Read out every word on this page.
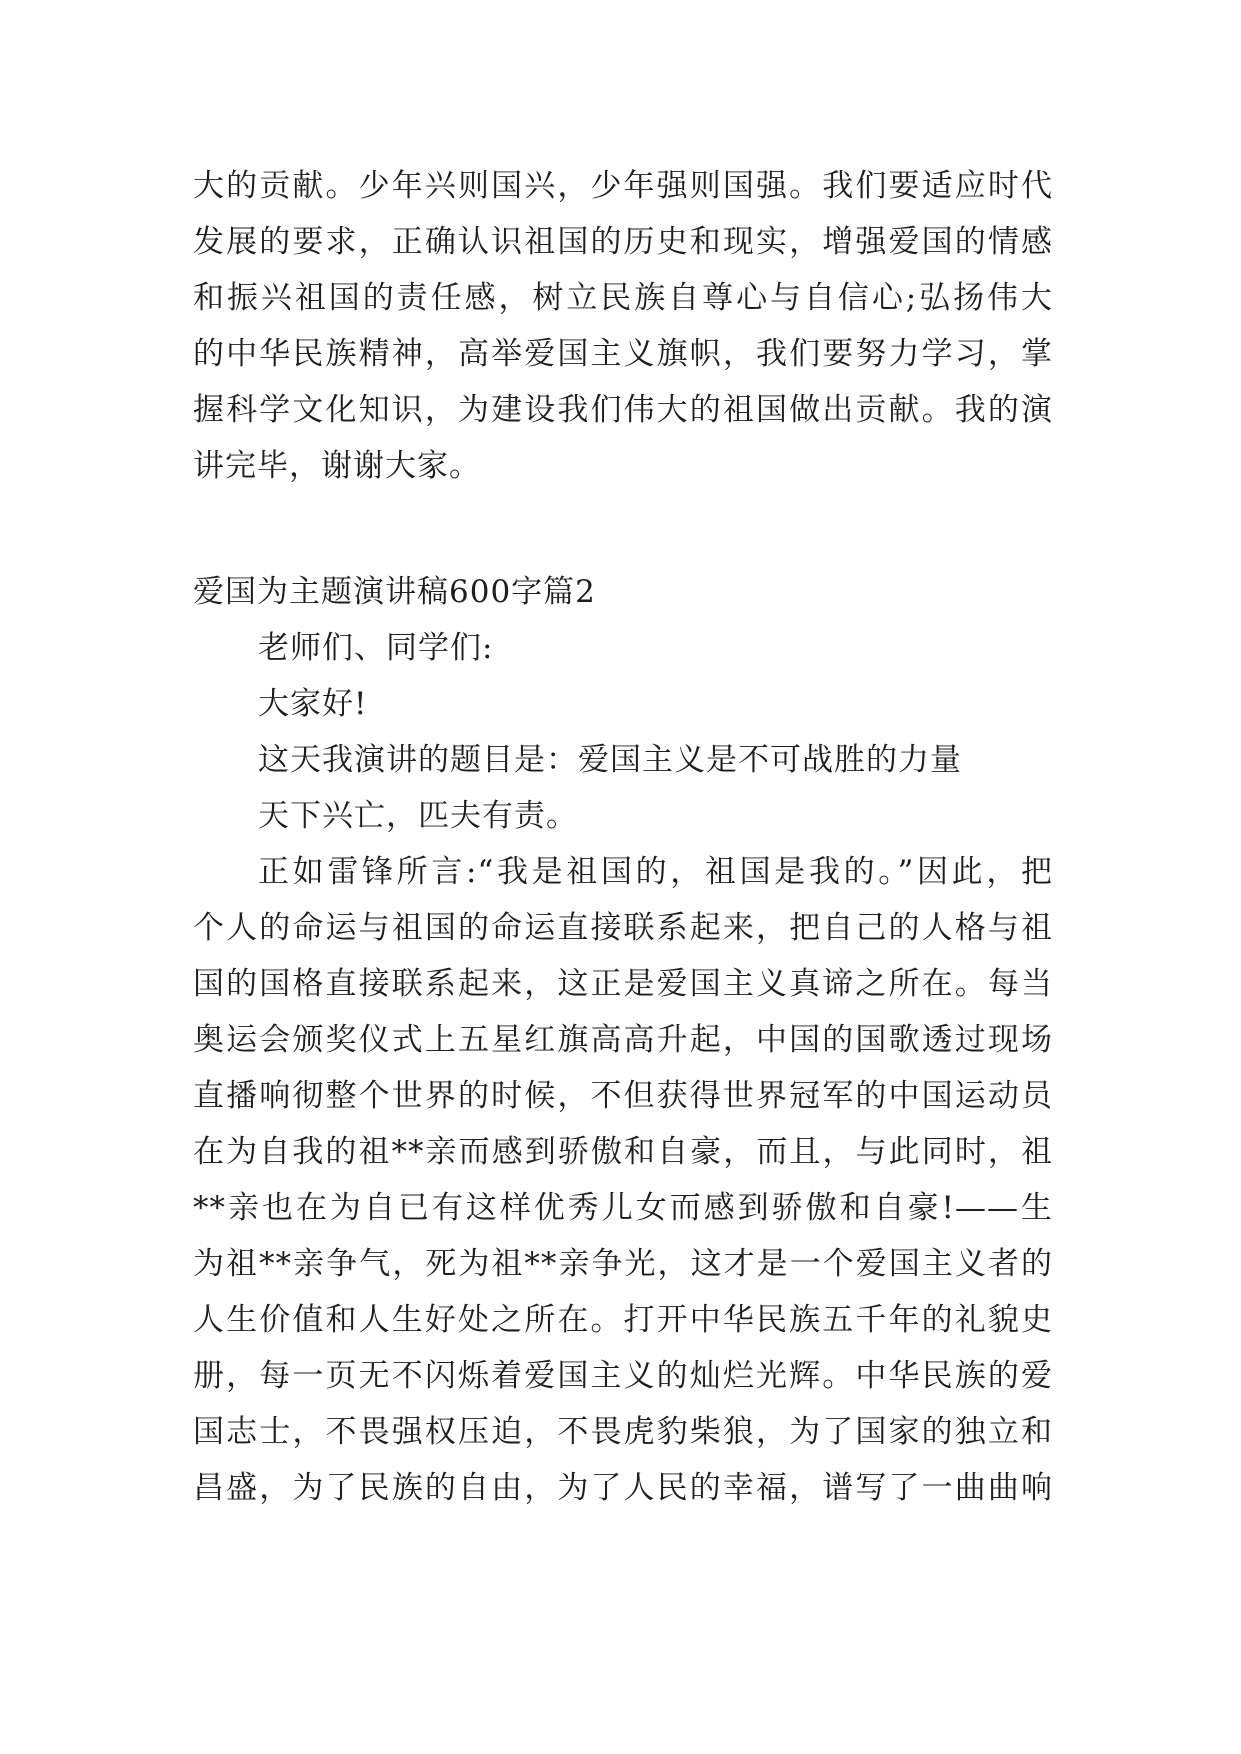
大的贡献。少年兴则国兴，少年强则国强。我们要适应时代
发展的要求，正确认识祖国的历史和现实，增强爱国的情感
和振兴祖国的责任感，树立民族自尊心与自信心;弘扬伟大
的中华民族精神，高举爱国主义旗帜，我们要努力学习，掌
握科学文化知识，为建设我们伟大的祖国做出贡献。我的演
讲完毕，谢谢大家。
爱国为主题演讲稿600字篇2
老师们、同学们:
大家好!
这天我演讲的题目是：爱国主义是不可战胜的力量
天下兴亡，匹夫有责。
正如雷锋所言:“我是祖国的，祖国是我的。”因此，把
个人的命运与祖国的命运直接联系起来，把自己的人格与祖
国的国格直接联系起来，这正是爱国主义真谛之所在。每当
奥运会颁奖仪式上五星红旗高高升起，中国的国歌透过现场
直播响彻整个世界的时候，不但获得世界冠军的中国运动员
在为自我的祖**亲而感到骄傲和自豪，而且，与此同时，祖
**亲也在为自已有这样优秀儿女而感到骄傲和自豪!——生
为祖**亲争气，死为祖**亲争光，这才是一个爱国主义者的
人生价值和人生好处之所在。打开中华民族五千年的礼貌史
册，每一页无不闪烁着爱国主义的灿烂光辉。中华民族的爱
国志士，不畏强权压迫，不畏虎豹柴狼，为了国家的独立和
昌盛，为了民族的自由，为了人民的幸福，谱写了一曲曲响
